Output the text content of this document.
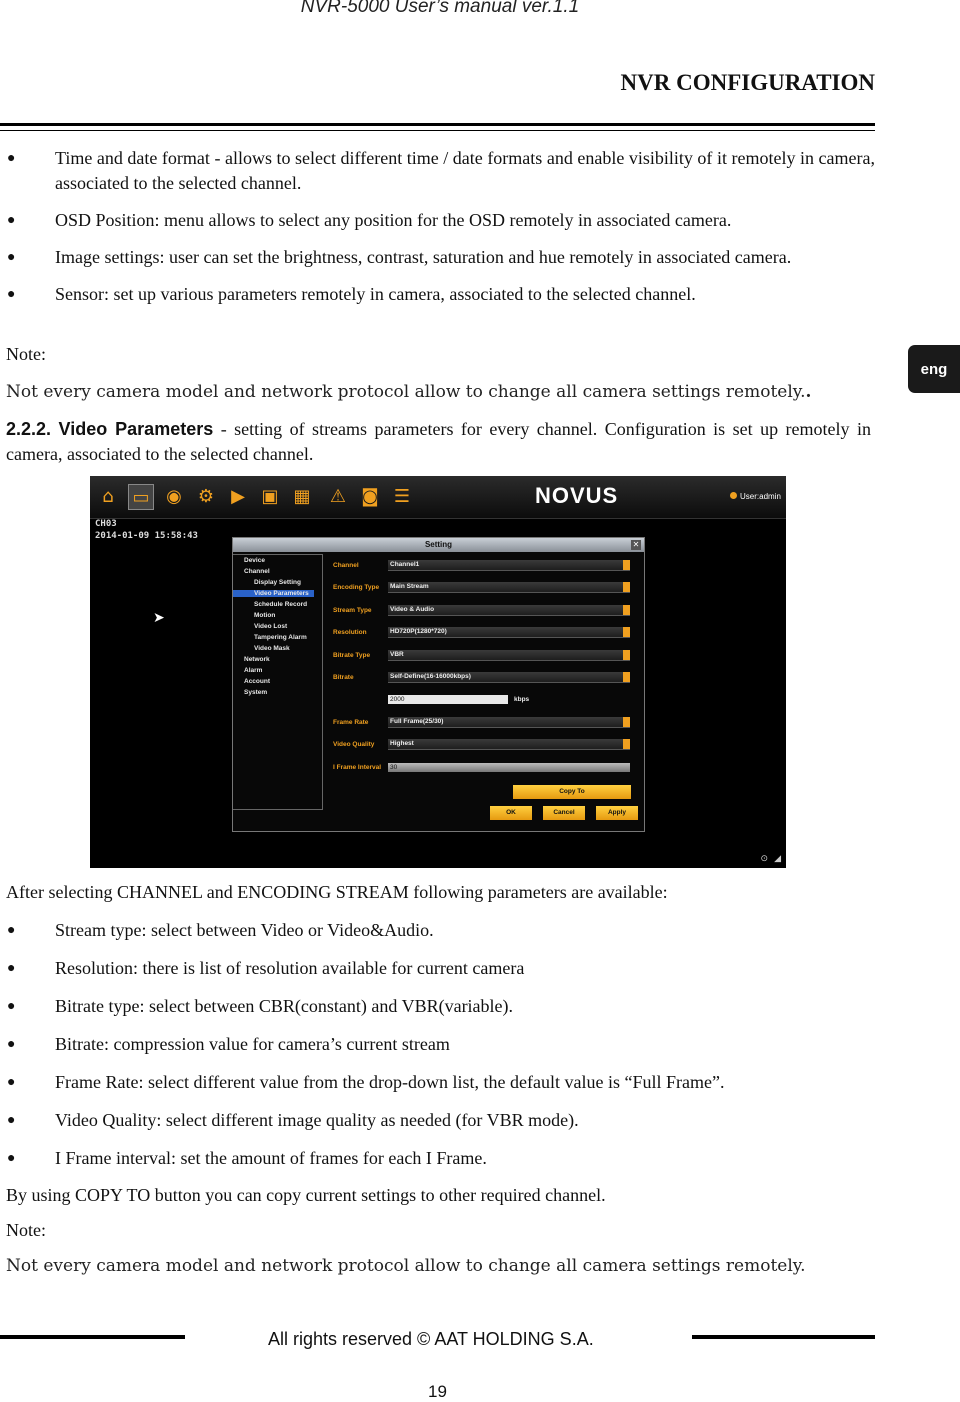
NVR-5000 User’s manual ver.1.1
NVR CONFIGURATION
eng
● Time and date format - allows to select different time / date formats and enable visibility of it remotely in camera, associated to the selected channel.
● OSD Position: menu allows to select any position for the OSD remotely in associated camera.
● Image settings: user can set the brightness, contrast, saturation and hue remotely in associated camera.
● Sensor: set up various parameters remotely in camera, associated to the selected channel.
Note:
Not every camera model and network protocol allow to change all camera settings remotely..
2.2.2. Video Parameters - setting of streams parameters for every channel. Configuration is set up remotely in camera, associated to the selected channel.
⌂	▭ ◉ ⚙ ▶ ▣ ▦ ⚠ ◙ ☰	NOVUS	User:admin
CH03
2014-01-09 15:58:43
➤
Setting	✕
Device
Channel
Display Setting
Video Parameters
Schedule Record
Motion
Video Lost
Tampering Alarm
Video Mask
Network
Alarm
Account
System
Channel	Channel1
Encoding Type	Main Stream
Stream Type	Video & Audio
Resolution	HD720P(1280*720)
Bitrate Type	VBR
Bitrate	Self-Define(16-16000kbps)
2000	kbps
Frame Rate	Full Frame(25/30)
Video Quality	Highest
I Frame Interval	30
Copy To
OK	Cancel	Apply
⊙ ◢
After selecting CHANNEL and ENCODING STREAM following parameters are available:
● Stream type: select between Video or Video&Audio.
● Resolution: there is list of resolution available for current camera
● Bitrate type: select between CBR(constant) and VBR(variable).
● Bitrate: compression value for camera’s current stream
● Frame Rate: select different value from the drop-down list, the default value is “Full Frame”.
● Video Quality: select different image quality as needed (for VBR mode).
● I Frame interval: set the amount of frames for each I Frame.
By using COPY TO button you can copy current settings to other required channel.
Note:
Not every camera model and network protocol allow to change all camera settings remotely.
All rights reserved © AAT HOLDING S.A.
19
